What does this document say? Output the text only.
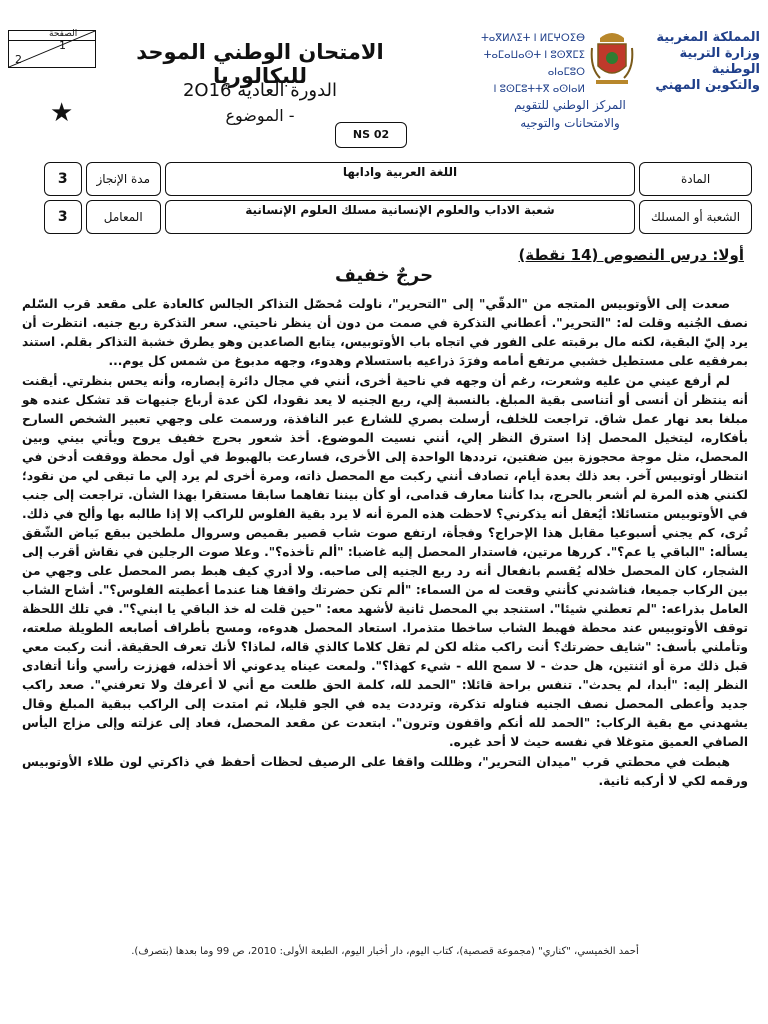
الصفحة
1
2
★
الامتحان الوطني الموحد للبكالوريا
الدورة العادية 2O16
- الموضوع
NS 02
ⵜⴰⴳⵍⴷⵉⵜ ⵏ ⵍⵎⵖⵔⵉⴱ
ⵜⴰⵎⴰⵡⴰⵙⵜ ⵏ ⵓⵙⴳⵎⵉ ⴰⵏⴰⵎⵓⵔ
ⵏ ⵓⵙⵎⵓⵜⵜⴳ ⴰⵙⵏⴰⵍ
المملكة المغربية
وزارة التربية الوطنية
والتكوين المهني
المركز الوطني للتقويم
والامتحانات والتوجيه
3	مدة الإنجاز	اللغة العربية وادابها	المادة
3	المعامل	شعبة الاداب والعلوم الإنسانية مسلك العلوم الإنسانية	الشعبة أو المسلك
أولا: درس النصوص (14 نقطة)
حرجٌ خفيف

صعدت إلى الأوتوبيس المتجه من "الدقّي" إلى "التحرير"، ناولت مُحصّل التذاكر الجالس كالعادة على مقعد قرب السّلم نصف الجُنيه وقلت له: "التحرير". أعطاني التذكرة في صمت من دون أن ينظر ناحيتي. سعر التذكرة ربع جنيه. انتظرت أن يرد إليّ البقية، لكنه مال برقبته على الفور في اتجاه باب الأوتوبيس، يتابع الصاعدين وهو يطرق خشبة التذاكر بقلم. استند بمرفقيه على مستطيل خشبي مرتفع أمامه وفرَدَ ذراعيه باستسلام وهدوء، وجهه مدبوغ من شمس كل يوم...

لم أرفع عيني من عليه وشعرت، رغم أن وجهه في ناحية أخرى، أنني في مجال دائرة إبصاره، وأنه يحس بنظرتي. أيقنت أنه ينتظر أن أنسى أو أتناسى بقية المبلغ. بالنسبة إلي، ربع الجنيه لا يعد نقودا، لكن عدة أرباع جنيهات قد تشكل عنده هو مبلغا بعد نهار عمل شاق. تراجعت للخلف، أرسلت بصري للشارع عبر النافذة، ورسمت على وجهي تعبير الشخص السارح بأفكاره، ليتخيل المحصل إذا استرق النظر إلي، أنني نسيت الموضوع. أخذ شعور بحرج خفيف يروح ويأتي بيني وبين المحصل، مثل موجة محجوزة بين ضفتين، ترددها الواحدة إلى الأخرى، فسارعت بالهبوط في أول محطة ووقفت أدخن في انتظار أوتوبيس آخر. بعد ذلك بعدة أيام، تصادف أنني ركبت مع المحصل ذاته، ومرة أخرى لم يرد إلي ما تبقى لي من نقود؛ لكنني هذه المرة لم أشعر بالحرج، بدا كأننا معارف قدامى، أو كأن بيننا تفاهما سابقا مستقرا بهذا الشأن. تراجعت إلى جنب في الأوتوبيس متسائلا: أيُعقل أنه يذكرني؟ لاحظت هذه المرة أنه لا يرد بقية الفلوس للراكب إلا إذا طالبه بها وألح في ذلك. تُرى، كم يجني أسبوعيا مقابل هذا الإحراج؟ وفجأة، ارتفع صوت شاب قصير بقميص وسروال ملطخين ببقع بَياض الشّقق يسأله: "الباقي يا عم؟". كررها مرتين، فاستدار المحصل إليه غاضبا: "ألم تأخذه؟". وعلا صوت الرجلين في نقاش أقرب إلى الشجار، كان المحصل خلاله يُقسم بانفعال أنه رد ربع الجنيه إلى صاحبه. ولا أدري كيف هبط بصر المحصل على وجهي من بين الركاب جميعا، فناشدني كأنني وقعت له من السماء: "ألم تكن حضرتك واقفا هنا عندما أعطيته الفلوس؟". أشاح الشاب العامل بذراعه: "لم تعطني شيئا". استنجد بي المحصل ثانية لأشهد معه: "حين قلت له خذ الباقي يا ابني؟". في تلك اللحظة توقف الأوتوبيس عند محطة فهبط الشاب ساخطا متذمرا. استعاد المحصل هدوءه، ومسح بأطراف أصابعه الطويلة صلعته، وتأملني بأسف: "شايف حضرتك؟ أنت راكب مثله لكن لم تقل كلاما كالذي قاله، لماذا؟ لأنك تعرف الحقيقة. أنت ركبت معي قبل ذلك مرة أو اثنتين، هل حدث - لا سمح الله - شيء كهذا؟". ولمعت عيناه يدعوني ألا أخذله، فهززت رأسي وأنا أتفادى النظر إليه: "أبدا، لم يحدث". تنفس براحة قائلا: "الحمد لله، كلمة الحق طلعت مع أني لا أعرفك ولا تعرفني". صعد راكب جديد وأعطى المحصل نصف الجنيه فناوله تذكرة، وترددت يده في الجو قليلا، ثم امتدت إلى الراكب ببقية المبلغ وقال يشهدني مع بقية الركاب: "الحمد لله أنكم واقفون وترون". ابتعدت عن مقعد المحصل، فعاد إلى عزلته وإلى مزاج اليأس الصافي العميق متوغلا في نفسه حيث لا أحد غيره.

هبطت في محطتي قرب "ميدان التحرير"، وظللت واقفا على الرصيف لحظات أحفظ في ذاكرتي لون طلاء الأوتوبيس ورقمه لكي لا أركبه ثانية.

أحمد الخميسي، "كناري" (مجموعة قصصية)، كتاب اليوم، دار أخبار اليوم، الطبعة الأولى: 2010، ص 99 وما بعدها (بتصرف).
